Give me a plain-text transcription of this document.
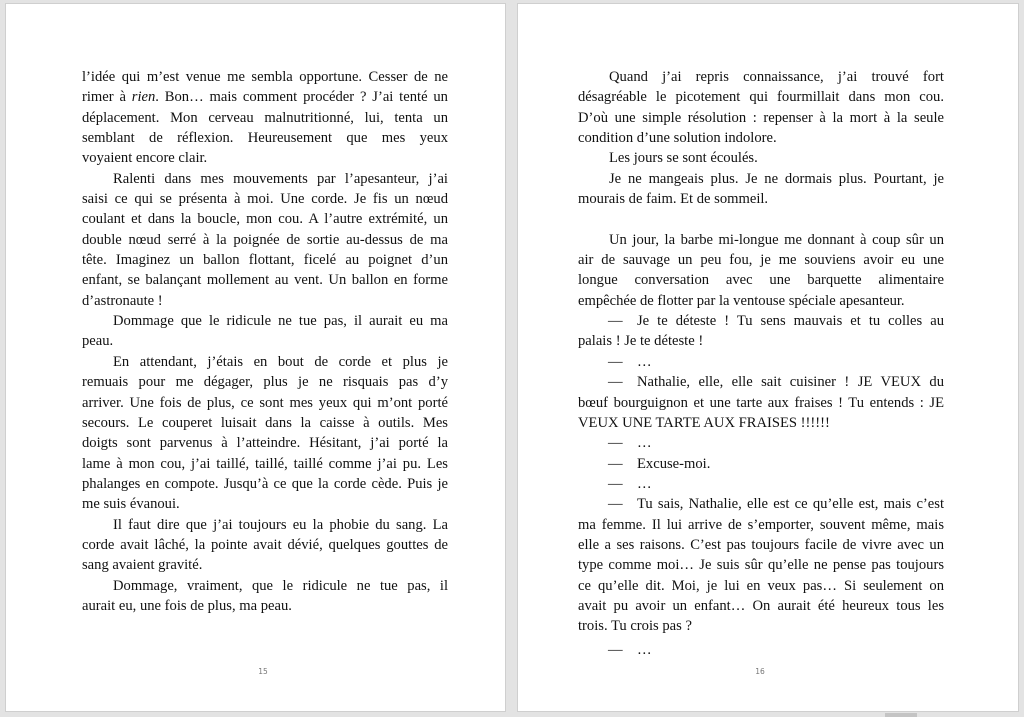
l’idée qui m’est venue me sembla opportune. Cesser de ne
rimer à rien. Bon… mais comment procéder ? J’ai tenté un
déplacement. Mon cerveau malnutritionné, lui, tenta un
semblant de réflexion. Heureusement que mes yeux
voyaient encore clair.
Ralenti dans mes mouvements par l’apesanteur, j’ai
saisi ce qui se présenta à moi. Une corde. Je fis un nœud
coulant et dans la boucle, mon cou. A l’autre extrémité, un
double nœud serré à la poignée de sortie au-dessus de ma
tête. Imaginez un ballon flottant, ficelé au poignet d’un
enfant, se balançant mollement au vent. Un ballon en forme
d’astronaute !
Dommage que le ridicule ne tue pas, il aurait eu ma
peau.
En attendant, j’étais en bout de corde et plus je
remuais pour me dégager, plus je ne risquais pas d’y
arriver. Une fois de plus, ce sont mes yeux qui m’ont porté
secours. Le couperet luisait dans la caisse à outils. Mes
doigts sont parvenus à l’atteindre. Hésitant, j’ai porté la
lame à mon cou, j’ai taillé, taillé, taillé comme j’ai pu. Les
phalanges en compote. Jusqu’à ce que la corde cède. Puis je
me suis évanoui.
Il faut dire que j’ai toujours eu la phobie du sang. La
corde avait lâché, la pointe avait dévié, quelques gouttes de
sang avaient gravité.
Dommage, vraiment, que le ridicule ne tue pas, il
aurait eu, une fois de plus, ma peau.
15
Quand j’ai repris connaissance, j’ai trouvé fort
désagréable le picotement qui fourmillait dans mon cou.
D’où une simple résolution : repenser à la mort à la seule
condition d’une solution indolore.
Les jours se sont écoulés.
Je ne mangeais plus. Je ne dormais plus. Pourtant, je
mourais de faim. Et de sommeil.
Un jour, la barbe mi-longue me donnant à coup sûr un
air de sauvage un peu fou, je me souviens avoir eu une
longue conversation avec une barquette alimentaire
empêchée de flotter par la ventouse spéciale apesanteur.
— Je te déteste ! Tu sens mauvais et tu colles au
palais ! Je te déteste !
— …
— Nathalie, elle, elle sait cuisiner ! JE VEUX du
bœuf bourguignon et une tarte aux fraises ! Tu entends : JE
VEUX UNE TARTE AUX FRAISES !!!!!!
— …
— Excuse-moi.
— …
— Tu sais, Nathalie, elle est ce qu’elle est, mais c’est
ma femme. Il lui arrive de s’emporter, souvent même, mais
elle a ses raisons. C’est pas toujours facile de vivre avec un
type comme moi… Je suis sûr qu’elle ne pense pas toujours
ce qu’elle dit. Moi, je lui en veux pas… Si seulement on
avait pu avoir un enfant… On aurait été heureux tous les
trois. Tu crois pas ?
— …
16
